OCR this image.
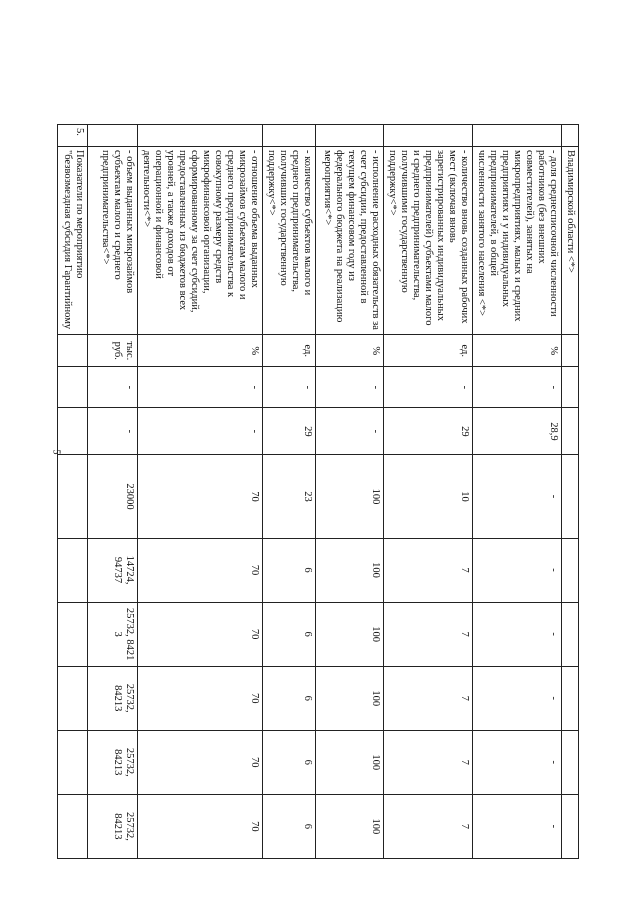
5
	Владимирской области <*>									
	- доля среднесписочной численности работников (без внешних совместителей), занятых на микропредприятиях, малых и средних предприятиях и у индивидуальных предпринимателей, в общей численности занятого населения <*>	%	-	28,9	-	-	-	-	-	-
	- количество вновь созданных рабочих мест (включая вновь зарегистрированных индивидуальных предпринимателей) субъектами малого и среднего предпринимательства, получившими государственную поддержку<*>	ед.	-	29	10	7	7	7	7	7
	- исполнение расходных обязательств за счет субсидии, предоставленной в текущем финансовом году из федерального бюджета на реализацию мероприятия<*>	%	-	-	100	100	100	100	100	100
	- количество субъектов малого и среднего предпринимательства, получивших государственную поддержку<*>	ед.	-	29	23	6	6	6	6	6
	- отношение объема выданных микрозаймов субъектам малого и среднего предпринимательства к совокупному размеру средств микрофинансовой организации, сформированному за счет субсидий, предоставленных из бюджетов всех уровней, а также доходов от операционной и финансовой деятельности<*>	%	-	-	70	70	70	70	70	70
	- объем выданных микрозаймов субъектам малого и среднего предпринимательства<*>	тыс. руб.	-	-	23000	14724, 94737	25732, 8421 3	25732, 84213	25732, 84213	25732, 84213
5.	Показатели по мероприятию "безвозмездная субсидия Гарантийному									
